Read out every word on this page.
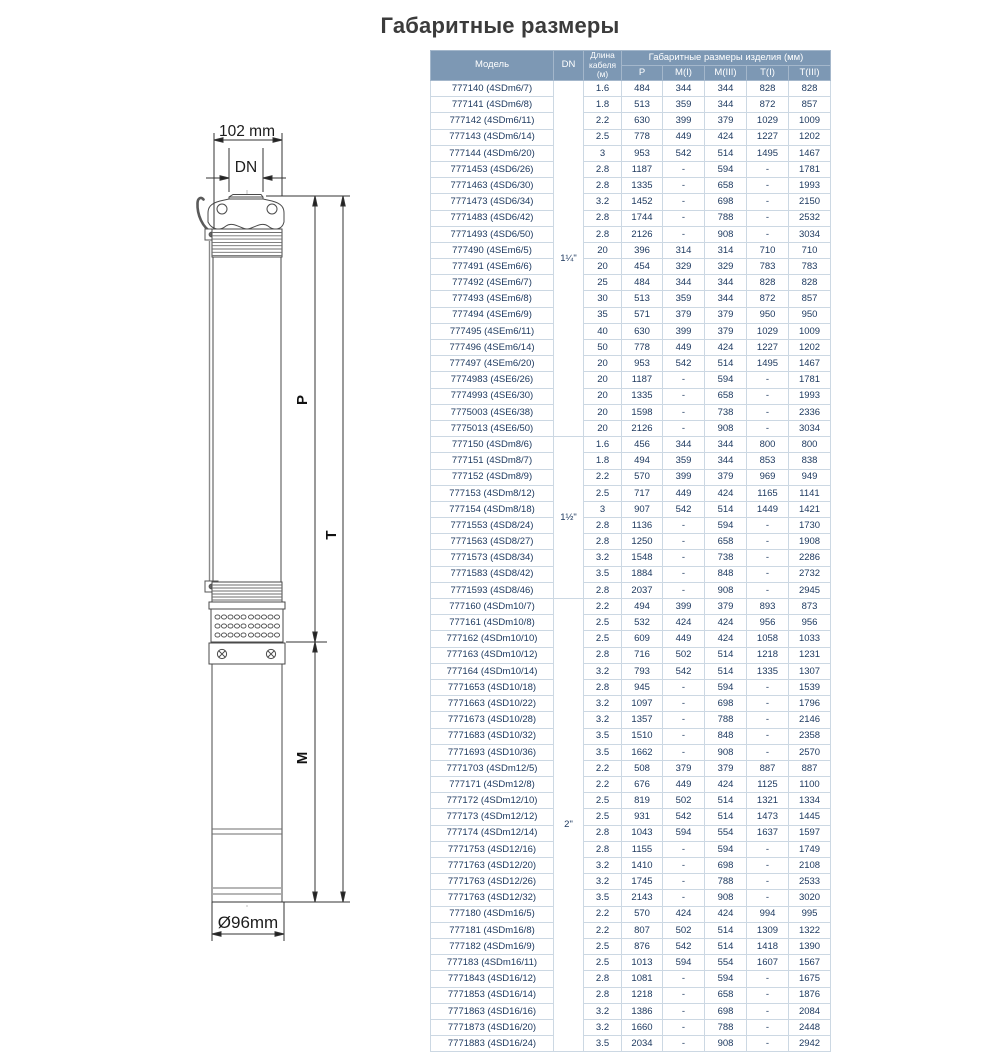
Габаритные размеры
102 mm
DN
P
T
M
Ø96mm
Модель	DN	Длина
кабеля (м)	Габаритные размеры изделия (мм)				
			P	M(I)	M(III)	T(I)	T(III)
777140 (4SDm6/7)	1¼"	1.6	484	344	344	828	828
777141 (4SDm6/8)		1.8	513	359	344	872	857
777142 (4SDm6/11)		2.2	630	399	379	1029	1009
777143 (4SDm6/14)		2.5	778	449	424	1227	1202
777144 (4SDm6/20)		3	953	542	514	1495	1467
7771453 (4SD6/26)		2.8	1187	-	594	-	1781
7771463 (4SD6/30)		2.8	1335	-	658	-	1993
7771473 (4SD6/34)		3.2	1452	-	698	-	2150
7771483 (4SD6/42)		2.8	1744	-	788	-	2532
7771493 (4SD6/50)		2.8	2126	-	908	-	3034
777490 (4SEm6/5)		20	396	314	314	710	710
777491 (4SEm6/6)		20	454	329	329	783	783
777492 (4SEm6/7)		25	484	344	344	828	828
777493 (4SEm6/8)		30	513	359	344	872	857
777494 (4SEm6/9)		35	571	379	379	950	950
777495 (4SEm6/11)		40	630	399	379	1029	1009
777496 (4SEm6/14)		50	778	449	424	1227	1202
777497 (4SEm6/20)		20	953	542	514	1495	1467
7774983 (4SE6/26)		20	1187	-	594	-	1781
7774993 (4SE6/30)		20	1335	-	658	-	1993
7775003 (4SE6/38)		20	1598	-	738	-	2336
7775013 (4SE6/50)		20	2126	-	908	-	3034
777150 (4SDm8/6)	1½"	1.6	456	344	344	800	800
777151 (4SDm8/7)		1.8	494	359	344	853	838
777152 (4SDm8/9)		2.2	570	399	379	969	949
777153 (4SDm8/12)		2.5	717	449	424	1165	1141
777154 (4SDm8/18)		3	907	542	514	1449	1421
7771553 (4SD8/24)		2.8	1136	-	594	-	1730
7771563 (4SD8/27)		2.8	1250	-	658	-	1908
7771573 (4SD8/34)		3.2	1548	-	738	-	2286
7771583 (4SD8/42)		3.5	1884	-	848	-	2732
7771593 (4SD8/46)		2.8	2037	-	908	-	2945
777160 (4SDm10/7)	2"	2.2	494	399	379	893	873
777161 (4SDm10/8)		2.5	532	424	424	956	956
777162 (4SDm10/10)		2.5	609	449	424	1058	1033
777163 (4SDm10/12)		2.8	716	502	514	1218	1231
777164 (4SDm10/14)		3.2	793	542	514	1335	1307
7771653 (4SD10/18)		2.8	945	-	594	-	1539
7771663 (4SD10/22)		3.2	1097	-	698	-	1796
7771673 (4SD10/28)		3.2	1357	-	788	-	2146
7771683 (4SD10/32)		3.5	1510	-	848	-	2358
7771693 (4SD10/36)		3.5	1662	-	908	-	2570
7771703 (4SDm12/5)		2.2	508	379	379	887	887
777171 (4SDm12/8)		2.2	676	449	424	1125	1100
777172 (4SDm12/10)		2.5	819	502	514	1321	1334
777173 (4SDm12/12)		2.5	931	542	514	1473	1445
777174 (4SDm12/14)		2.8	1043	594	554	1637	1597
7771753 (4SD12/16)		2.8	1155	-	594	-	1749
7771763 (4SD12/20)		3.2	1410	-	698	-	2108
7771763 (4SD12/26)		3.2	1745	-	788	-	2533
7771763 (4SD12/32)		3.5	2143	-	908	-	3020
777180 (4SDm16/5)		2.2	570	424	424	994	995
777181 (4SDm16/8)		2.2	807	502	514	1309	1322
777182 (4SDm16/9)		2.5	876	542	514	1418	1390
777183 (4SDm16/11)		2.5	1013	594	554	1607	1567
7771843 (4SD16/12)		2.8	1081	-	594	-	1675
7771853 (4SD16/14)		2.8	1218	-	658	-	1876
7771863 (4SD16/16)		3.2	1386	-	698	-	2084
7771873 (4SD16/20)		3.2	1660	-	788	-	2448
7771883 (4SD16/24)		3.5	2034	-	908	-	2942
